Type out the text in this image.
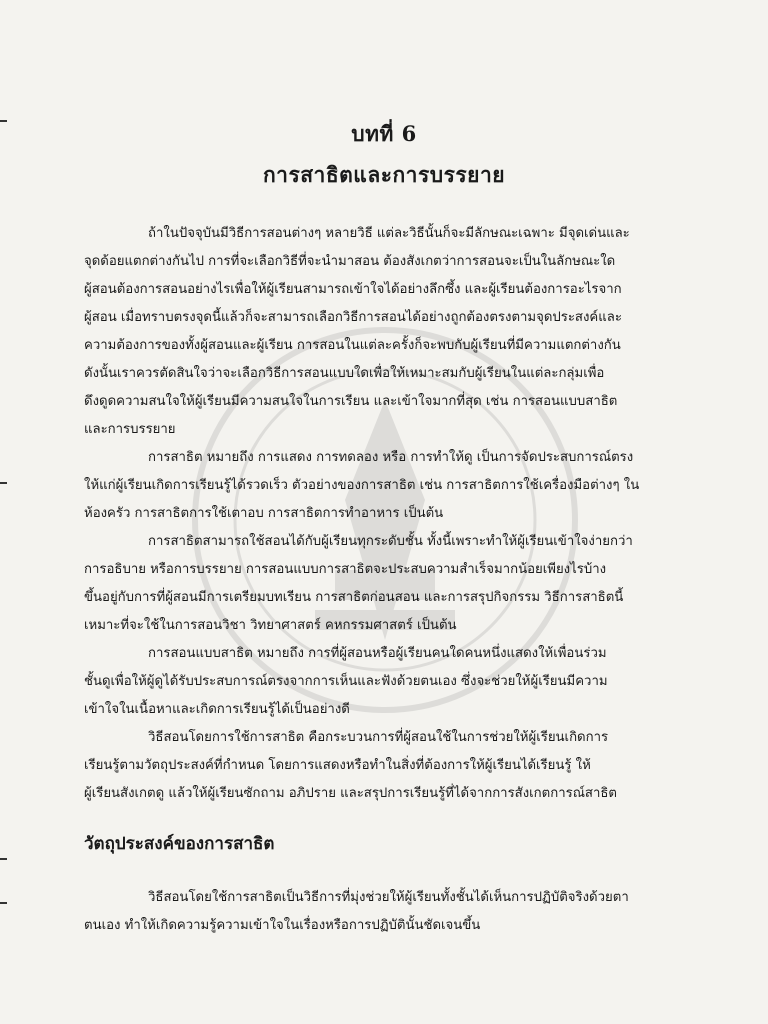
บทที่ 6
การสาธิตและการบรรยาย

ถ้าในปัจจุบันมีวิธีการสอนต่างๆ หลายวิธี แต่ละวิธีนั้นก็จะมีลักษณะเฉพาะ มีจุดเด่นและ
จุดด้อยแตกต่างกันไป การที่จะเลือกวิธีที่จะนำมาสอน ต้องสังเกตว่าการสอนจะเป็นในลักษณะใด
ผู้สอนต้องการสอนอย่างไรเพื่อให้ผู้เรียนสามารถเข้าใจได้อย่างลึกซึ้ง และผู้เรียนต้องการอะไรจาก
ผู้สอน เมื่อทราบตรงจุดนี้แล้วก็จะสามารถเลือกวิธีการสอนได้อย่างถูกต้องตรงตามจุดประสงค์และ
ความต้องการของทั้งผู้สอนและผู้เรียน การสอนในแต่ละครั้งก็จะพบกับผู้เรียนที่มีความแตกต่างกัน
ดังนั้นเราควรตัดสินใจว่าจะเลือกวิธีการสอนแบบใดเพื่อให้เหมาะสมกับผู้เรียนในแต่ละกลุ่มเพื่อ
ดึงดูดความสนใจให้ผู้เรียนมีความสนใจในการเรียน และเข้าใจมากที่สุด เช่น การสอนแบบสาธิต
และการบรรยาย

การสาธิต หมายถึง การแสดง การทดลอง หรือ การทำให้ดู เป็นการจัดประสบการณ์ตรง
ให้แก่ผู้เรียนเกิดการเรียนรู้ได้รวดเร็ว ตัวอย่างของการสาธิต เช่น การสาธิตการใช้เครื่องมือต่างๆ ใน
ห้องครัว การสาธิตการใช้เตาอบ การสาธิตการทำอาหาร เป็นต้น

การสาธิตสามารถใช้สอนได้กับผู้เรียนทุกระดับชั้น ทั้งนี้เพราะทำให้ผู้เรียนเข้าใจง่ายกว่า
การอธิบาย หรือการบรรยาย การสอนแบบการสาธิตจะประสบความสำเร็จมากน้อยเพียงไรบ้าง
ขึ้นอยู่กับการที่ผู้สอนมีการเตรียมบทเรียน การสาธิตก่อนสอน และการสรุปกิจกรรม วิธีการสาธิตนี้
เหมาะที่จะใช้ในการสอนวิชา วิทยาศาสตร์ คหกรรมศาสตร์ เป็นต้น

การสอนแบบสาธิต หมายถึง การที่ผู้สอนหรือผู้เรียนคนใดคนหนึ่งแสดงให้เพื่อนร่วม
ชั้นดูเพื่อให้ผู้ดูได้รับประสบการณ์ตรงจากการเห็นและฟังด้วยตนเอง ซึ่งจะช่วยให้ผู้เรียนมีความ
เข้าใจในเนื้อหาและเกิดการเรียนรู้ได้เป็นอย่างดี

วิธีสอนโดยการใช้การสาธิต คือกระบวนการที่ผู้สอนใช้ในการช่วยให้ผู้เรียนเกิดการ
เรียนรู้ตามวัตถุประสงค์ที่กำหนด โดยการแสดงหรือทำในสิ่งที่ต้องการให้ผู้เรียนได้เรียนรู้ ให้
ผู้เรียนสังเกตดู แล้วให้ผู้เรียนซักถาม อภิปราย และสรุปการเรียนรู้ที่ได้จากการสังเกตการณ์สาธิต

วัตถุประสงค์ของการสาธิต

วิธีสอนโดยใช้การสาธิตเป็นวิธีการที่มุ่งช่วยให้ผู้เรียนทั้งชั้นได้เห็นการปฏิบัติจริงด้วยตา
ตนเอง ทำให้เกิดความรู้ความเข้าใจในเรื่องหรือการปฏิบัตินั้นชัดเจนขึ้น
